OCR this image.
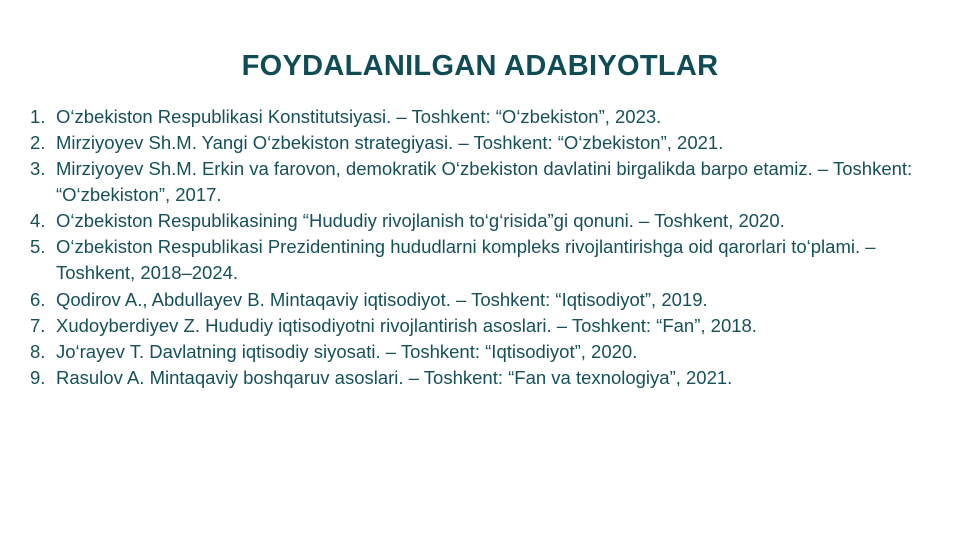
FOYDALANILGAN ADABIYOTLAR
1. O‘zbekiston Respublikasi Konstitutsiyasi. – Toshkent: “O‘zbekiston”, 2023.
2. Mirziyoyev Sh.M. Yangi O‘zbekiston strategiyasi. – Toshkent: “O‘zbekiston”, 2021.
3. Mirziyoyev Sh.M. Erkin va farovon, demokratik O‘zbekiston davlatini birgalikda barpo etamiz. – Toshkent: “O‘zbekiston”, 2017.
4. O‘zbekiston Respublikasining “Hududiy rivojlanish to‘g‘risida”gi qonuni. – Toshkent, 2020.
5. O‘zbekiston Respublikasi Prezidentining hududlarni kompleks rivojlantirishga oid qarorlari to‘plami. – Toshkent, 2018–2024.
6. Qodirov A., Abdullayev B. Mintaqaviy iqtisodiyot. – Toshkent: “Iqtisodiyot”, 2019.
7. Xudoyberdiyev Z. Hududiy iqtisodiyotni rivojlantirish asoslari. – Toshkent: “Fan”, 2018.
8. Jo‘rayev T. Davlatning iqtisodiy siyosati. – Toshkent: “Iqtisodiyot”, 2020.
9. Rasulov A. Mintaqaviy boshqaruv asoslari. – Toshkent: “Fan va texnologiya”, 2021.
